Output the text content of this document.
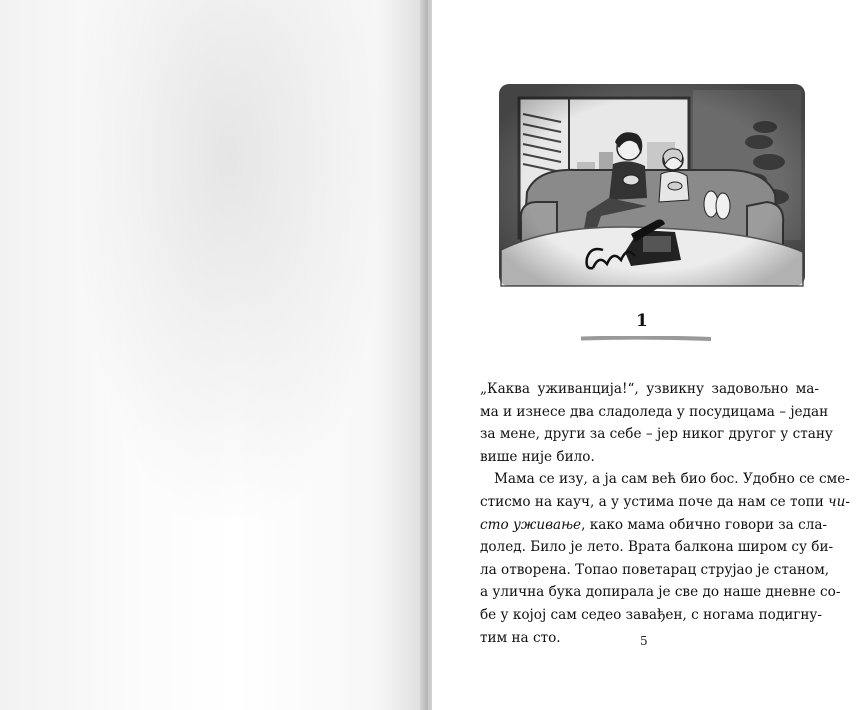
1
„Каква уживанција!“, узвикну задовољно ма-
ма и изнесе два сладоледа у посудицама – један
за мене, други за себе – јер никог другог у стану
више није било.
Мама се изу, а ја сам већ био бос. Удобно се сме-
стисмо на кауч, а у устима поче да нам се топи чи-
сто уживање, како мама обично говори за сла-
долед. Било је лето. Врата балкона широм су би-
ла отворена. Топао поветарац струјао је станом,
а улична бука допирала је све до наше дневне со-
бе у којој сам седео завађен, с ногама подигну-
тим на сто.	5
